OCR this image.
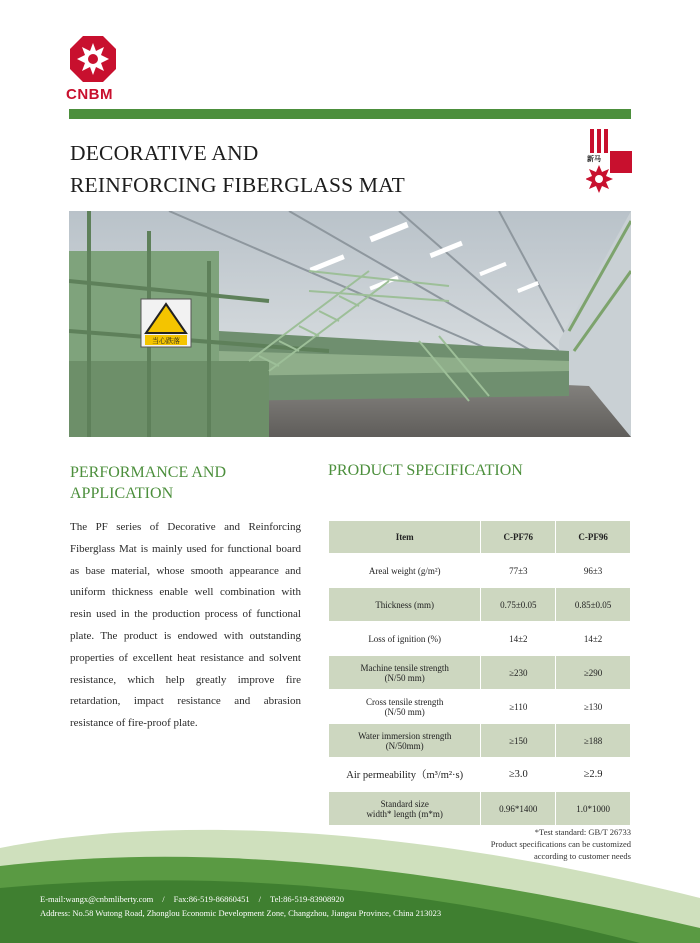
CNBM
DECORATIVE AND
REINFORCING FIBERGLASS MAT
新马
当心跌落
PERFORMANCE AND
APPLICATION
The PF series of Decorative and Reinforcing Fiberglass Mat is mainly used for functional board as base material, whose smooth appearance and uniform thickness enable well combination with resin used in the production process of functional plate. The product is endowed with outstanding properties of excellent heat resistance and solvent resistance, which help greatly improve fire retardation, impact resistance and abrasion resistance of fire-proof plate.
PRODUCT SPECIFICATION
Item	C-PF76	C-PF96

Areal weight (g/m²)	77±3	96±3

Thickness (mm)	0.75±0.05	0.85±0.05

Loss of ignition (%)	14±2	14±2

Machine tensile strength
(N/50 mm)	≥230	≥290

Cross tensile strength
(N/50 mm)	≥110	≥130

Water immersion strength
(N/50mm)	≥150	≥188

Air permeability（m³/m²·s)	≥3.0	≥2.9

Standard size
width* length (m*m)	0.96*1400	1.0*1000
*Test standard: GB/T 26733
Product specifications can be customized
according to customer needs
E-mail:wangx@cnbmliberty.com / Fax:86-519-86860451 / Tel:86-519-83908920
Address: No.58 Wutong Road, Zhonglou Economic Development Zone, Changzhou, Jiangsu Province, China 213023
